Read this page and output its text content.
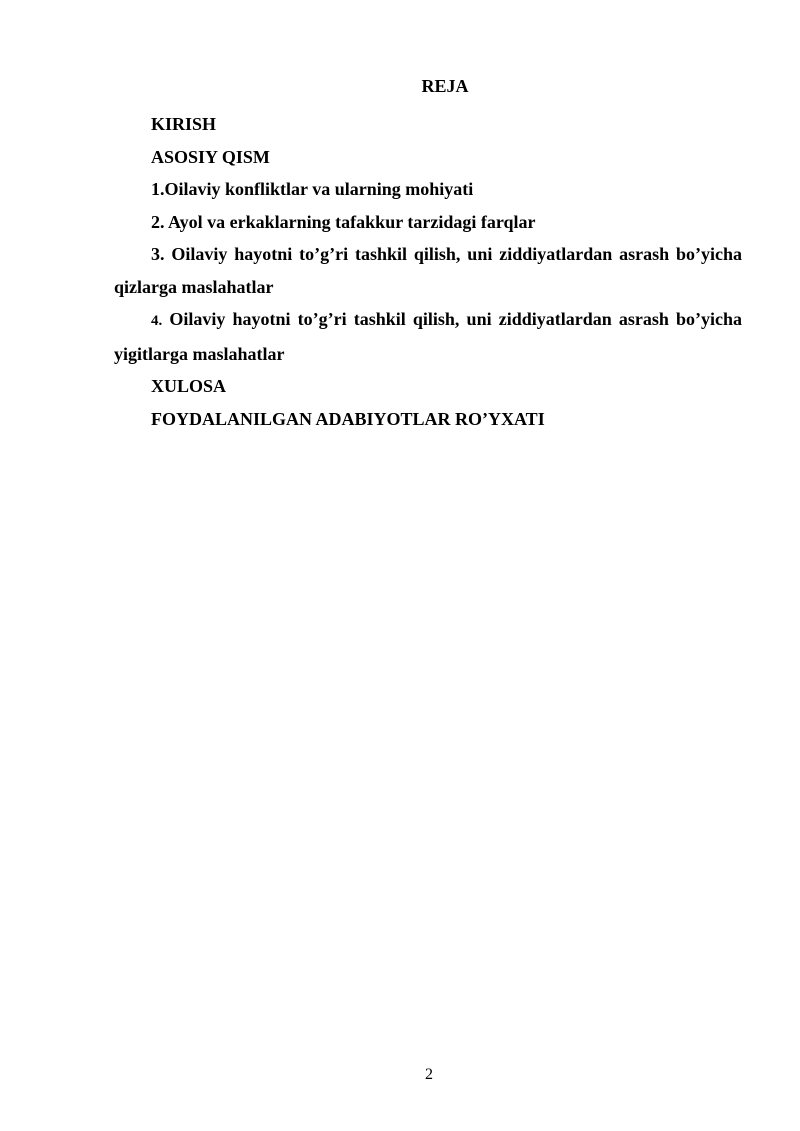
REJA

KIRISH

ASOSIY QISM

1.Oilaviy konfliktlar va ularning mohiyati

2. Ayol va erkaklarning tafakkur tarzidagi farqlar

3. Oilaviy hayotni to’g’ri tashkil qilish, uni ziddiyatlardan asrash bo’yicha qizlarga maslahatlar

4. Oilaviy hayotni to’g’ri tashkil qilish, uni ziddiyatlardan asrash bo’yicha yigitlarga maslahatlar

XULOSA

FOYDALANILGAN ADABIYOTLAR RO’YXATI

2
